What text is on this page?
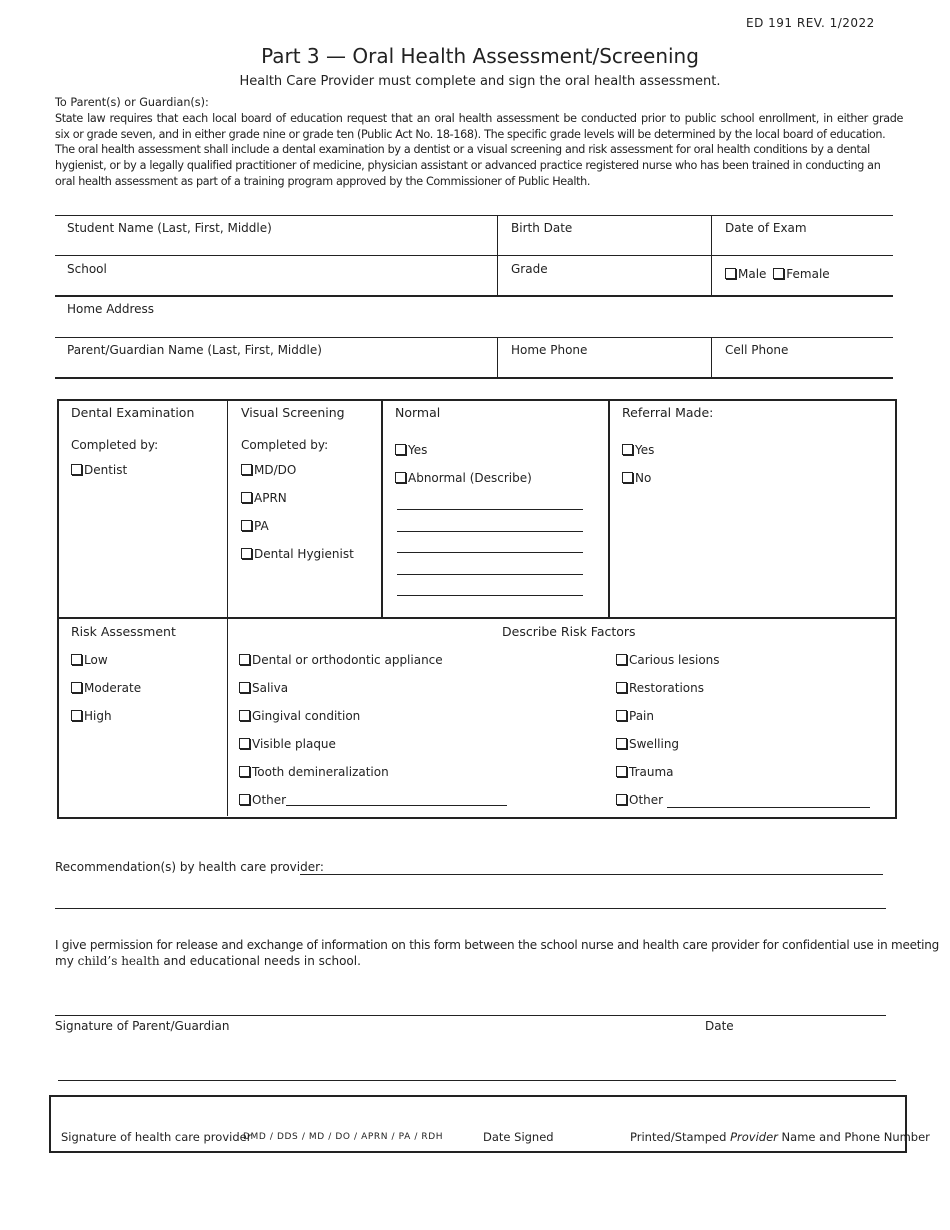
ED 191 REV. 1/2022
Part 3 — Oral Health Assessment/Screening
Health Care Provider must complete and sign the oral health assessment.
To Parent(s) or Guardian(s):
State law requires that each local board of education request that an oral health assessment be conducted prior to public school enrollment, in either grade
six or grade seven, and in either grade nine or grade ten (Public Act No. 18-168). The specific grade levels will be determined by the local board of education.
The oral health assessment shall include a dental examination by a dentist or a visual screening and risk assessment for oral health conditions by a dental
hygienist, or by a legally qualified practitioner of medicine, physician assistant or advanced practice registered nurse who has been trained in conducting an
oral health assessment as part of a training program approved by the Commissioner of Public Health.
Student Name (Last, First, Middle)	Birth Date	Date of Exam
School	Grade	Male Female
Home Address
Parent/Guardian Name (Last, First, Middle)	Home Phone	Cell Phone
Dental Examination
Completed by:
Dentist
Visual Screening
Completed by:
MD/DO
APRN
PA
Dental Hygienist
Normal
Yes
Abnormal (Describe)
Referral Made:
Yes
No
Risk Assessment
Low
Moderate
High
Describe Risk Factors
Dental or orthodontic appliance
Saliva
Gingival condition
Visible plaque
Tooth demineralization
Other
Carious lesions
Restorations
Pain
Swelling
Trauma
Other
Recommendation(s) by health care provider:
I give permission for release and exchange of information on this form between the school nurse and health care provider for confidential use in meeting
my child’s health and educational needs in school.
Signature of Parent/Guardian	Date
Signature of health care provider
DMD / DDS / MD / DO / APRN / PA / RDH	Date Signed	Printed/Stamped Provider Name and Phone Number
